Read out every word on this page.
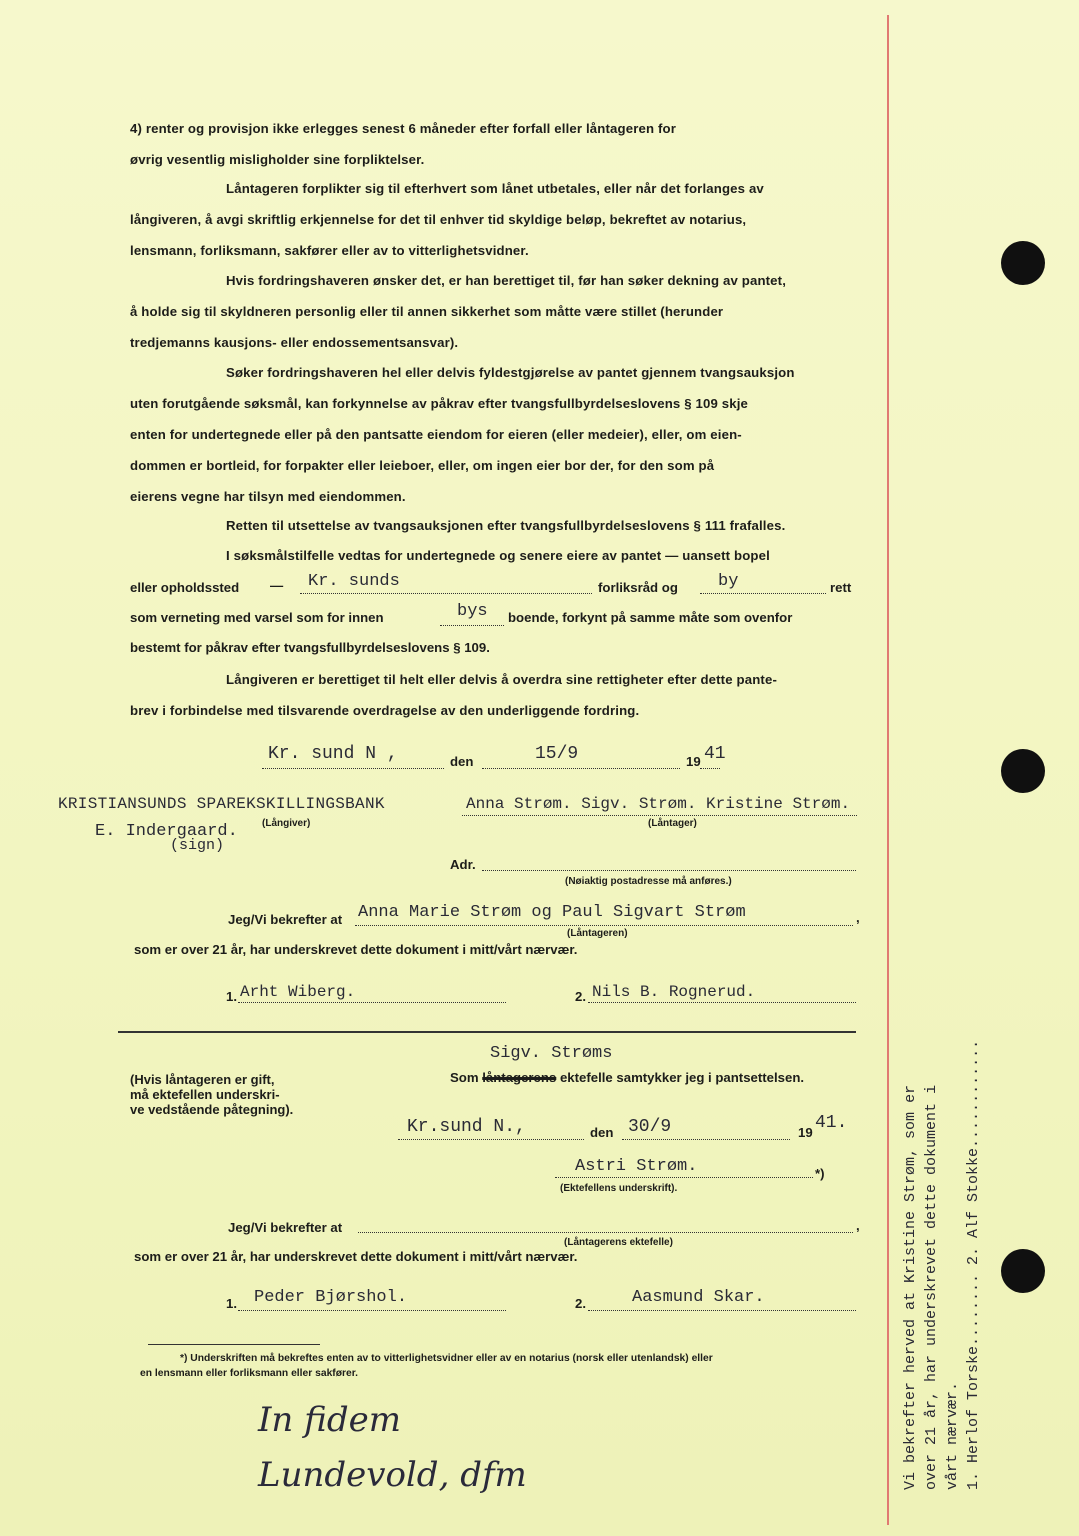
4) renter og provisjon ikke erlegges senest 6 måneder efter forfall eller låntageren for
øvrig vesentlig misligholder sine forpliktelser.
Låntageren forplikter sig til efterhvert som lånet utbetales, eller når det forlanges av
långiveren, å avgi skriftlig erkjennelse for det til enhver tid skyldige beløp, bekreftet av notarius,
lensmann, forliksmann, sakfører eller av to vitterlighetsvidner.
Hvis fordringshaveren ønsker det, er han berettiget til, før han søker dekning av pantet,
å holde sig til skyldneren personlig eller til annen sikkerhet som måtte være stillet (herunder
tredjemanns kausjons- eller endossementsansvar).
Søker fordringshaveren hel eller delvis fyldestgjørelse av pantet gjennem tvangsauksjon
uten forutgående søksmål, kan forkynnelse av påkrav efter tvangsfullbyrdelseslovens § 109 skje
enten for undertegnede eller på den pantsatte eiendom for eieren (eller medeier), eller, om eien-
dommen er bortleid, for forpakter eller leieboer, eller, om ingen eier bor der, for den som på
eierens vegne har tilsyn med eiendommen.
Retten til utsettelse av tvangsauksjonen efter tvangsfullbyrdelseslovens § 111 frafalles.
I søksmålstilfelle vedtas for undertegnede og senere eiere av pantet — uansett bopel
eller opholdssted — Kr. sunds	forliksråd og by	rett
som verneting med varsel som for innen	bys boende, forkynt på samme måte som ovenfor
bestemt for påkrav efter tvangsfullbyrdelseslovens § 109.
Långiveren er berettiget til helt eller delvis å overdra sine rettigheter efter dette pante-
brev i forbindelse med tilsvarende overdragelse av den underliggende fordring.
Kr. sund N ,	den	15/9	19 41
KRISTIANSUNDS SPAREKSKILLINGSBANK	Anna Strøm. Sigv. Strøm. Kristine Strøm.
E. Indergaard.
(sign)
(Långiver)	(Låntager)
Adr.
(Nøiaktig postadresse må anføres.)
Jeg/Vi bekrefter at Anna Marie Strøm og Paul Sigvart Strøm	,
(Låntageren)
som er over 21 år, har underskrevet dette dokument i mitt/vårt nærvær.
1. Arht Wiberg.	2. Nils B. Rognerud.
Sigv. Strøms
(Hvis låntageren er gift,
må ektefellen underskri-
ve vedstående påtegning).
Som låntagerens ektefelle samtykker jeg i pantsettelsen.
Kr.sund N.,	den 30/9	19 41.
Astri Strøm.	*)
(Ektefellens underskrift).
Jeg/Vi bekrefter at	,
(Låntagerens ektefelle)
som er over 21 år, har underskrevet dette dokument i mitt/vårt nærvær.
1. Peder Bjørshol.	2.	Aasmund Skar.
*) Underskriften må bekreftes enten av to vitterlighetsvidner eller av en notarius (norsk eller utenlandsk) eller
en lensmann eller forliksmann eller sakfører.
In fidem
Lundevold, dfm	Vi bekrefter herved at Kristine Strøm, som er over 21 år, har underskrevet dette dokument i vårt nærvær. 1. Herlof Torske........ 2. Alf Stokke............
